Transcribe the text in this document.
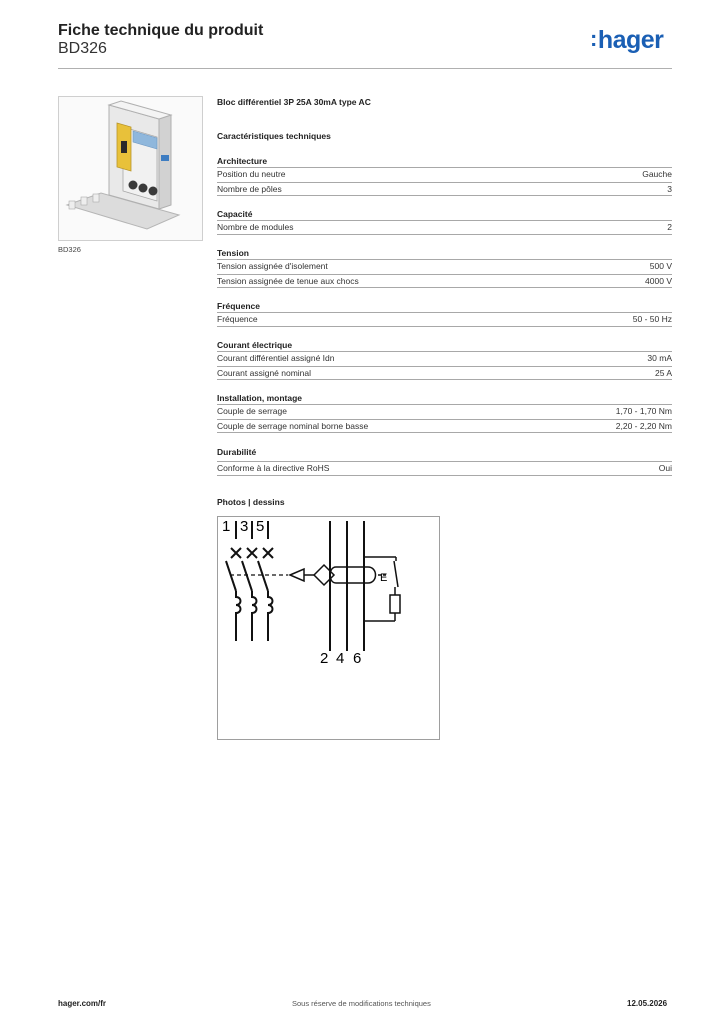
Fiche technique du produit
BD326	:hager
BD326
Bloc différentiel 3P 25A 30mA type AC
Caractéristiques techniques
Architecture
Position du neutre	Gauche
Nombre de pôles	3
Capacité
Nombre de modules	2
Tension
Tension assignée d'isolement	500 V
Tension assignée de tenue aux chocs	4000 V
Fréquence
Fréquence	50 - 50 Hz
Courant électrique
Courant différentiel assigné Idn	30 mA
Courant assigné nominal	25 A
Installation, montage
Couple de serrage	1,70 - 1,70 Nm
Couple de serrage nominal borne basse	2,20 - 2,20 Nm
Durabilité
Conforme à la directive RoHS	Oui
Photos | dessins
1 3 5
2 4 6
E
hager.com/fr	Sous réserve de modifications techniques	12.05.2026
